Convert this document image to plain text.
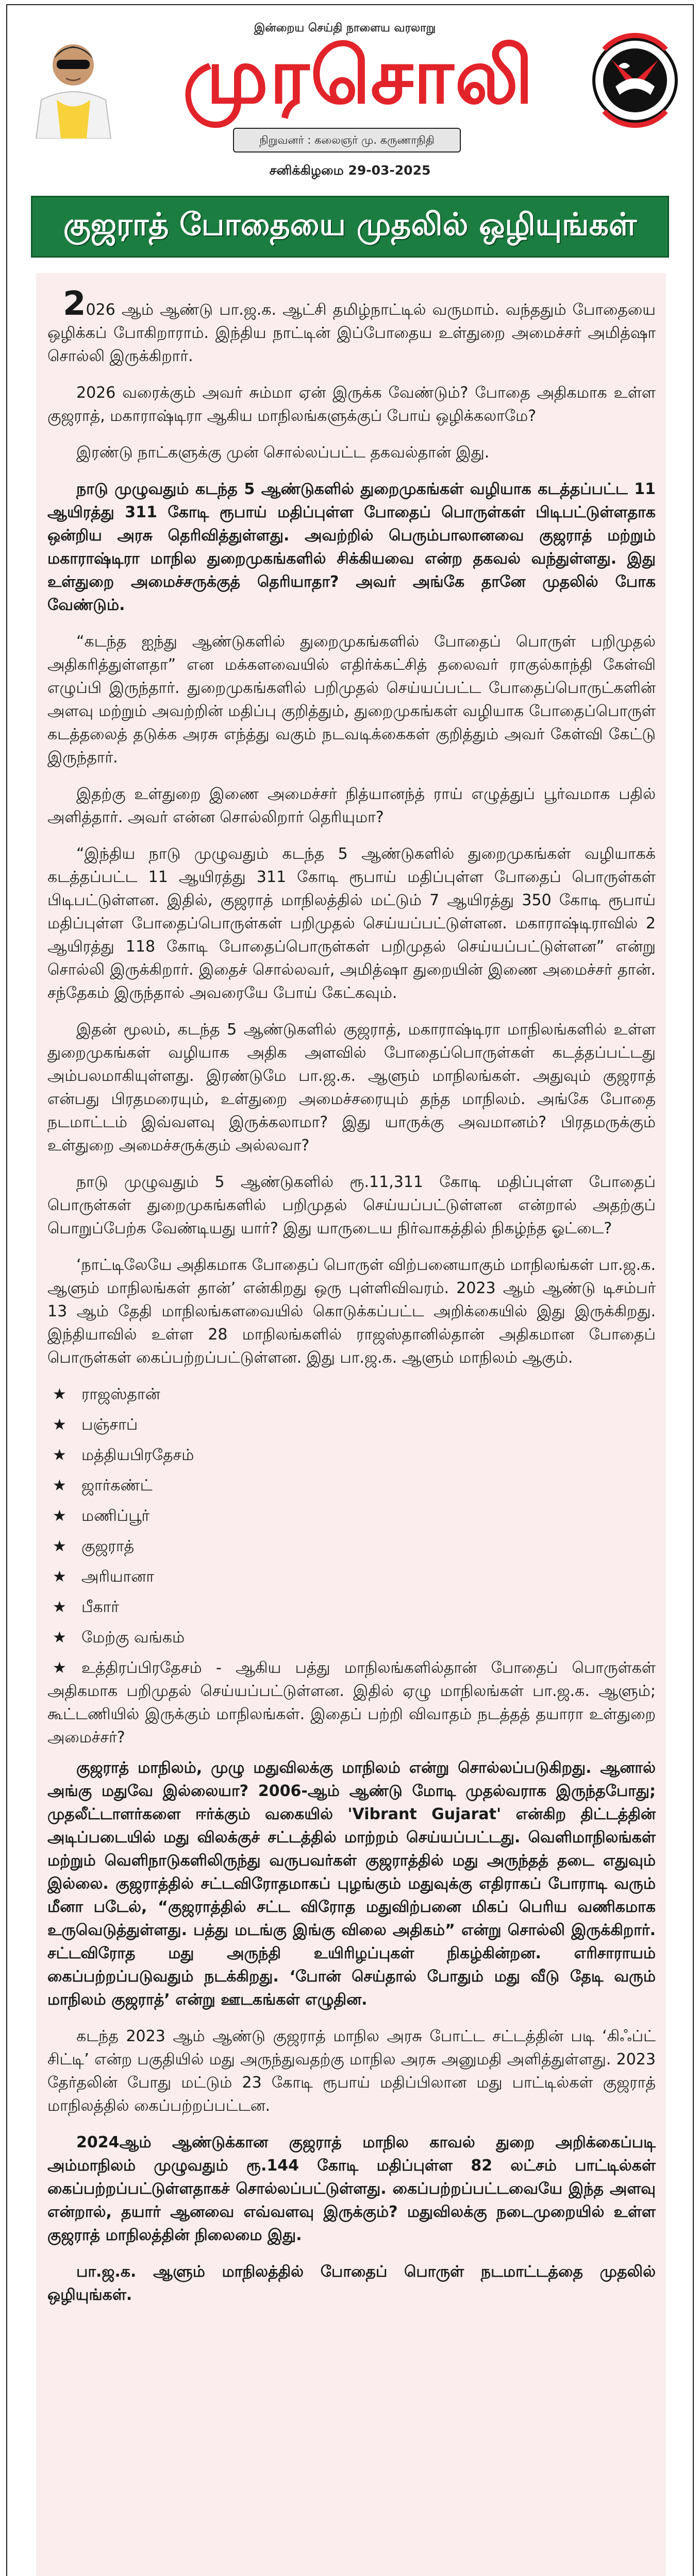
இன்றைய செய்தி நாளைய வரலாறு
முரசொலி
நிறுவனர் : கலைஞர் மு. கருணாநிதி
சனிக்கிழமை 29-03-2025
குஜராத் போதையை முதலில் ஒழியுங்கள்

2026 ஆம் ஆண்டு பா.ஜ.க. ஆட்சி தமிழ்நாட்டில் வருமாம். வந்ததும் போதையை ஒழிக்கப் போகிறாராம். இந்திய நாட்டின் இப்போதைய உள்துறை அமைச்சர் அமித்ஷா சொல்லி இருக்கிறார்.

2026 வரைக்கும் அவர் சும்மா ஏன் இருக்க வேண்டும்? போதை அதிகமாக உள்ள குஜராத், மகாராஷ்டிரா ஆகிய மாநிலங்களுக்குப் போய் ஒழிக்கலாமே?

இரண்டு நாட்களுக்கு முன் சொல்லப்பட்ட தகவல்தான் இது.

நாடு முழுவதும் கடந்த 5 ஆண்டுகளில் துறைமுகங்கள் வழியாக கடத்தப்பட்ட 11 ஆயிரத்து 311 கோடி ரூபாய் மதிப்புள்ள போதைப் பொருள்கள் பிடிபட்டுள்ளதாக ஒன்றிய அரசு தெரிவித்துள்ளது. அவற்றில் பெரும்பாலானவை குஜராத் மற்றும் மகாராஷ்டிரா மாநில துறைமுகங்களில் சிக்கியவை என்ற தகவல் வந்துள்ளது. இது உள்துறை அமைச்சருக்குத் தெரியாதா? அவர் அங்கே தானே முதலில் போக வேண்டும்.

“கடந்த ஐந்து ஆண்டுகளில் துறைமுகங்களில் போதைப் பொருள் பறிமுதல் அதிகரித்துள்ளதா” என மக்களவையில் எதிர்க்கட்சித் தலைவர் ராகுல்காந்தி கேள்வி எழுப்பி இருந்தார். துறைமுகங்களில் பறிமுதல் செய்யப்பட்ட போதைப்பொருட்களின் அளவு மற்றும் அவற்றின் மதிப்பு குறித்தும், துறைமுகங்கள் வழியாக போதைப்பொருள் கடத்தலைத் தடுக்க அரசு எந்த்து வகும் நடவடிக்கைகள் குறித்தும் அவர் கேள்வி கேட்டு இருந்தார்.

இதற்கு உள்துறை இணை அமைச்சர் நித்யானந்த் ராய் எழுத்துப் பூர்வமாக பதில் அளித்தார். அவர் என்ன சொல்லிறார் தெரியுமா?

“இந்திய நாடு முழுவதும் கடந்த 5 ஆண்டுகளில் துறைமுகங்கள் வழியாகக் கடத்தப்பட்ட 11 ஆயிரத்து 311 கோடி ரூபாய் மதிப்புள்ள போதைப் பொருள்கள் பிடிபட்டுள்ளன. இதில், குஜராத் மாநிலத்தில் மட்டும் 7 ஆயிரத்து 350 கோடி ரூபாய் மதிப்புள்ள போதைப்பொருள்கள் பறிமுதல் செய்யப்பட்டுள்ளன. மகாராஷ்டிராவில் 2 ஆயிரத்து 118 கோடி போதைப்பொருள்கள் பறிமுதல் செய்யப்பட்டுள்ளன” என்று சொல்லி இருக்கிறார். இதைச் சொல்லவர், அமித்ஷா துறையின் இணை அமைச்சர் தான். சந்தேகம் இருந்தால் அவரையே போய் கேட்கவும்.

இதன் மூலம், கடந்த 5 ஆண்டுகளில் குஜராத், மகாராஷ்டிரா மாநிலங்களில் உள்ள துறைமுகங்கள் வழியாக அதிக அளவில் போதைப்பொருள்கள் கடத்தப்பட்டது அம்பலமாகியுள்ளது. இரண்டுமே பா.ஜ.க. ஆளும் மாநிலங்கள். அதுவும் குஜராத் என்பது பிரதமரையும், உள்துறை அமைச்சரையும் தந்த மாநிலம். அங்கே போதை நடமாட்டம் இவ்வளவு இருக்கலாமா? இது யாருக்கு அவமானம்? பிரதமருக்கும் உள்துறை அமைச்சருக்கும் அல்லவா?

நாடு முழுவதும் 5 ஆண்டுகளில் ரூ.11,311 கோடி மதிப்புள்ள போதைப் பொருள்கள் துறைமுகங்களில் பறிமுதல் செய்யப்பட்டுள்ளன என்றால் அதற்குப் பொறுப்பேற்க வேண்டியது யார்? இது யாருடைய நிர்வாகத்தில் நிகழ்ந்த ஓட்டை?

‘நாட்டிலேயே அதிகமாக போதைப் பொருள் விற்பனையாகும் மாநிலங்கள் பா.ஜ.க. ஆளும் மாநிலங்கள் தான்’ என்கிறது ஒரு புள்ளிவிவரம். 2023 ஆம் ஆண்டு டிசம்பர் 13 ஆம் தேதி மாநிலங்களவையில் கொடுக்கப்பட்ட அறிக்கையில் இது இருக்கிறது. இந்தியாவில் உள்ள 28 மாநிலங்களில் ராஜஸ்தானில்தான் அதிகமான போதைப் பொருள்கள் கைப்பற்றப்பட்டுள்ளன. இது பா.ஜ.க. ஆளும் மாநிலம் ஆகும்.

★ ராஜஸ்தான்
★ பஞ்சாப்
★ மத்தியபிரதேசம்
★ ஜார்கண்ட்
★ மணிப்பூர்
★ குஜராத்
★ அரியானா
★ பீகார்
★ மேற்கு வங்கம்
★ உத்திரப்பிரதேசம் - ஆகிய பத்து மாநிலங்களில்தான் போதைப் பொருள்கள் அதிகமாக பறிமுதல் செய்யப்பட்டுள்ளன. இதில் ஏழு மாநிலங்கள் பா.ஜ.க. ஆளும்; கூட்டணியில் இருக்கும் மாநிலங்கள். இதைப் பற்றி விவாதம் நடத்தத் தயாரா உள்துறை அமைச்சர்?

குஜராத் மாநிலம், முழு மதுவிலக்கு மாநிலம் என்று சொல்லப்படுகிறது. ஆனால் அங்கு மதுவே இல்லையா? 2006-ஆம் ஆண்டு மோடி முதல்வராக இருந்தபோது; முதலீட்டாளர்களை ஈர்க்கும் வகையில் 'Vibrant Gujarat' என்கிற திட்டத்தின் அடிப்படையில் மது விலக்குச் சட்டத்தில் மாற்றம் செய்யப்பட்டது. வெளிமாநிலங்கள் மற்றும் வெளிநாடுகளிலிருந்து வருபவர்கள் குஜராத்தில் மது அருந்தத் தடை எதுவும் இல்லை. குஜராத்தில் சட்டவிரோதமாகப் புழங்கும் மதுவுக்கு எதிராகப் போராடி வரும் மீனா படேல், “குஜராத்தில் சட்ட விரோத மதுவிற்பனை மிகப் பெரிய வணிகமாக உருவெடுத்துள்ளது. பத்து மடங்கு இங்கு விலை அதிகம்” என்று சொல்லி இருக்கிறார். சட்டவிரோத மது அருந்தி உயிரிழப்புகள் நிகழ்கின்றன. எரிசாராயம் கைப்பற்றப்படுவதும் நடக்கிறது. ‘போன் செய்தால் போதும் மது வீடு தேடி வரும் மாநிலம் குஜராத்’ என்று ஊடகங்கள் எழுதின.

கடந்த 2023 ஆம் ஆண்டு குஜராத் மாநில அரசு போட்ட சட்டத்தின் படி ‘கிஃப்ட் சிட்டி’ என்ற பகுதியில் மது அருந்துவதற்கு மாநில அரசு அனுமதி அளித்துள்ளது. 2023 தேர்தலின் போது மட்டும் 23 கோடி ரூபாய் மதிப்பிலான மது பாட்டில்கள் குஜராத் மாநிலத்தில் கைப்பற்றப்பட்டன.

2024ஆம் ஆண்டுக்கான குஜராத் மாநில காவல் துறை அறிக்கைப்படி அம்மாநிலம் முழுவதும் ரூ.144 கோடி மதிப்புள்ள 82 லட்சம் பாட்டில்கள் கைப்பற்றப்பட்டுள்ளதாகச் சொல்லப்பட்டுள்ளது. கைப்பற்றப்பட்டவையே இந்த அளவு என்றால், தயார் ஆனவை எவ்வளவு இருக்கும்? மதுவிலக்கு நடைமுறையில் உள்ள குஜராத் மாநிலத்தின் நிலைமை இது.

பா.ஜ.க. ஆளும் மாநிலத்தில் போதைப் பொருள் நடமாட்டத்தை முதலில் ஒழியுங்கள்.
